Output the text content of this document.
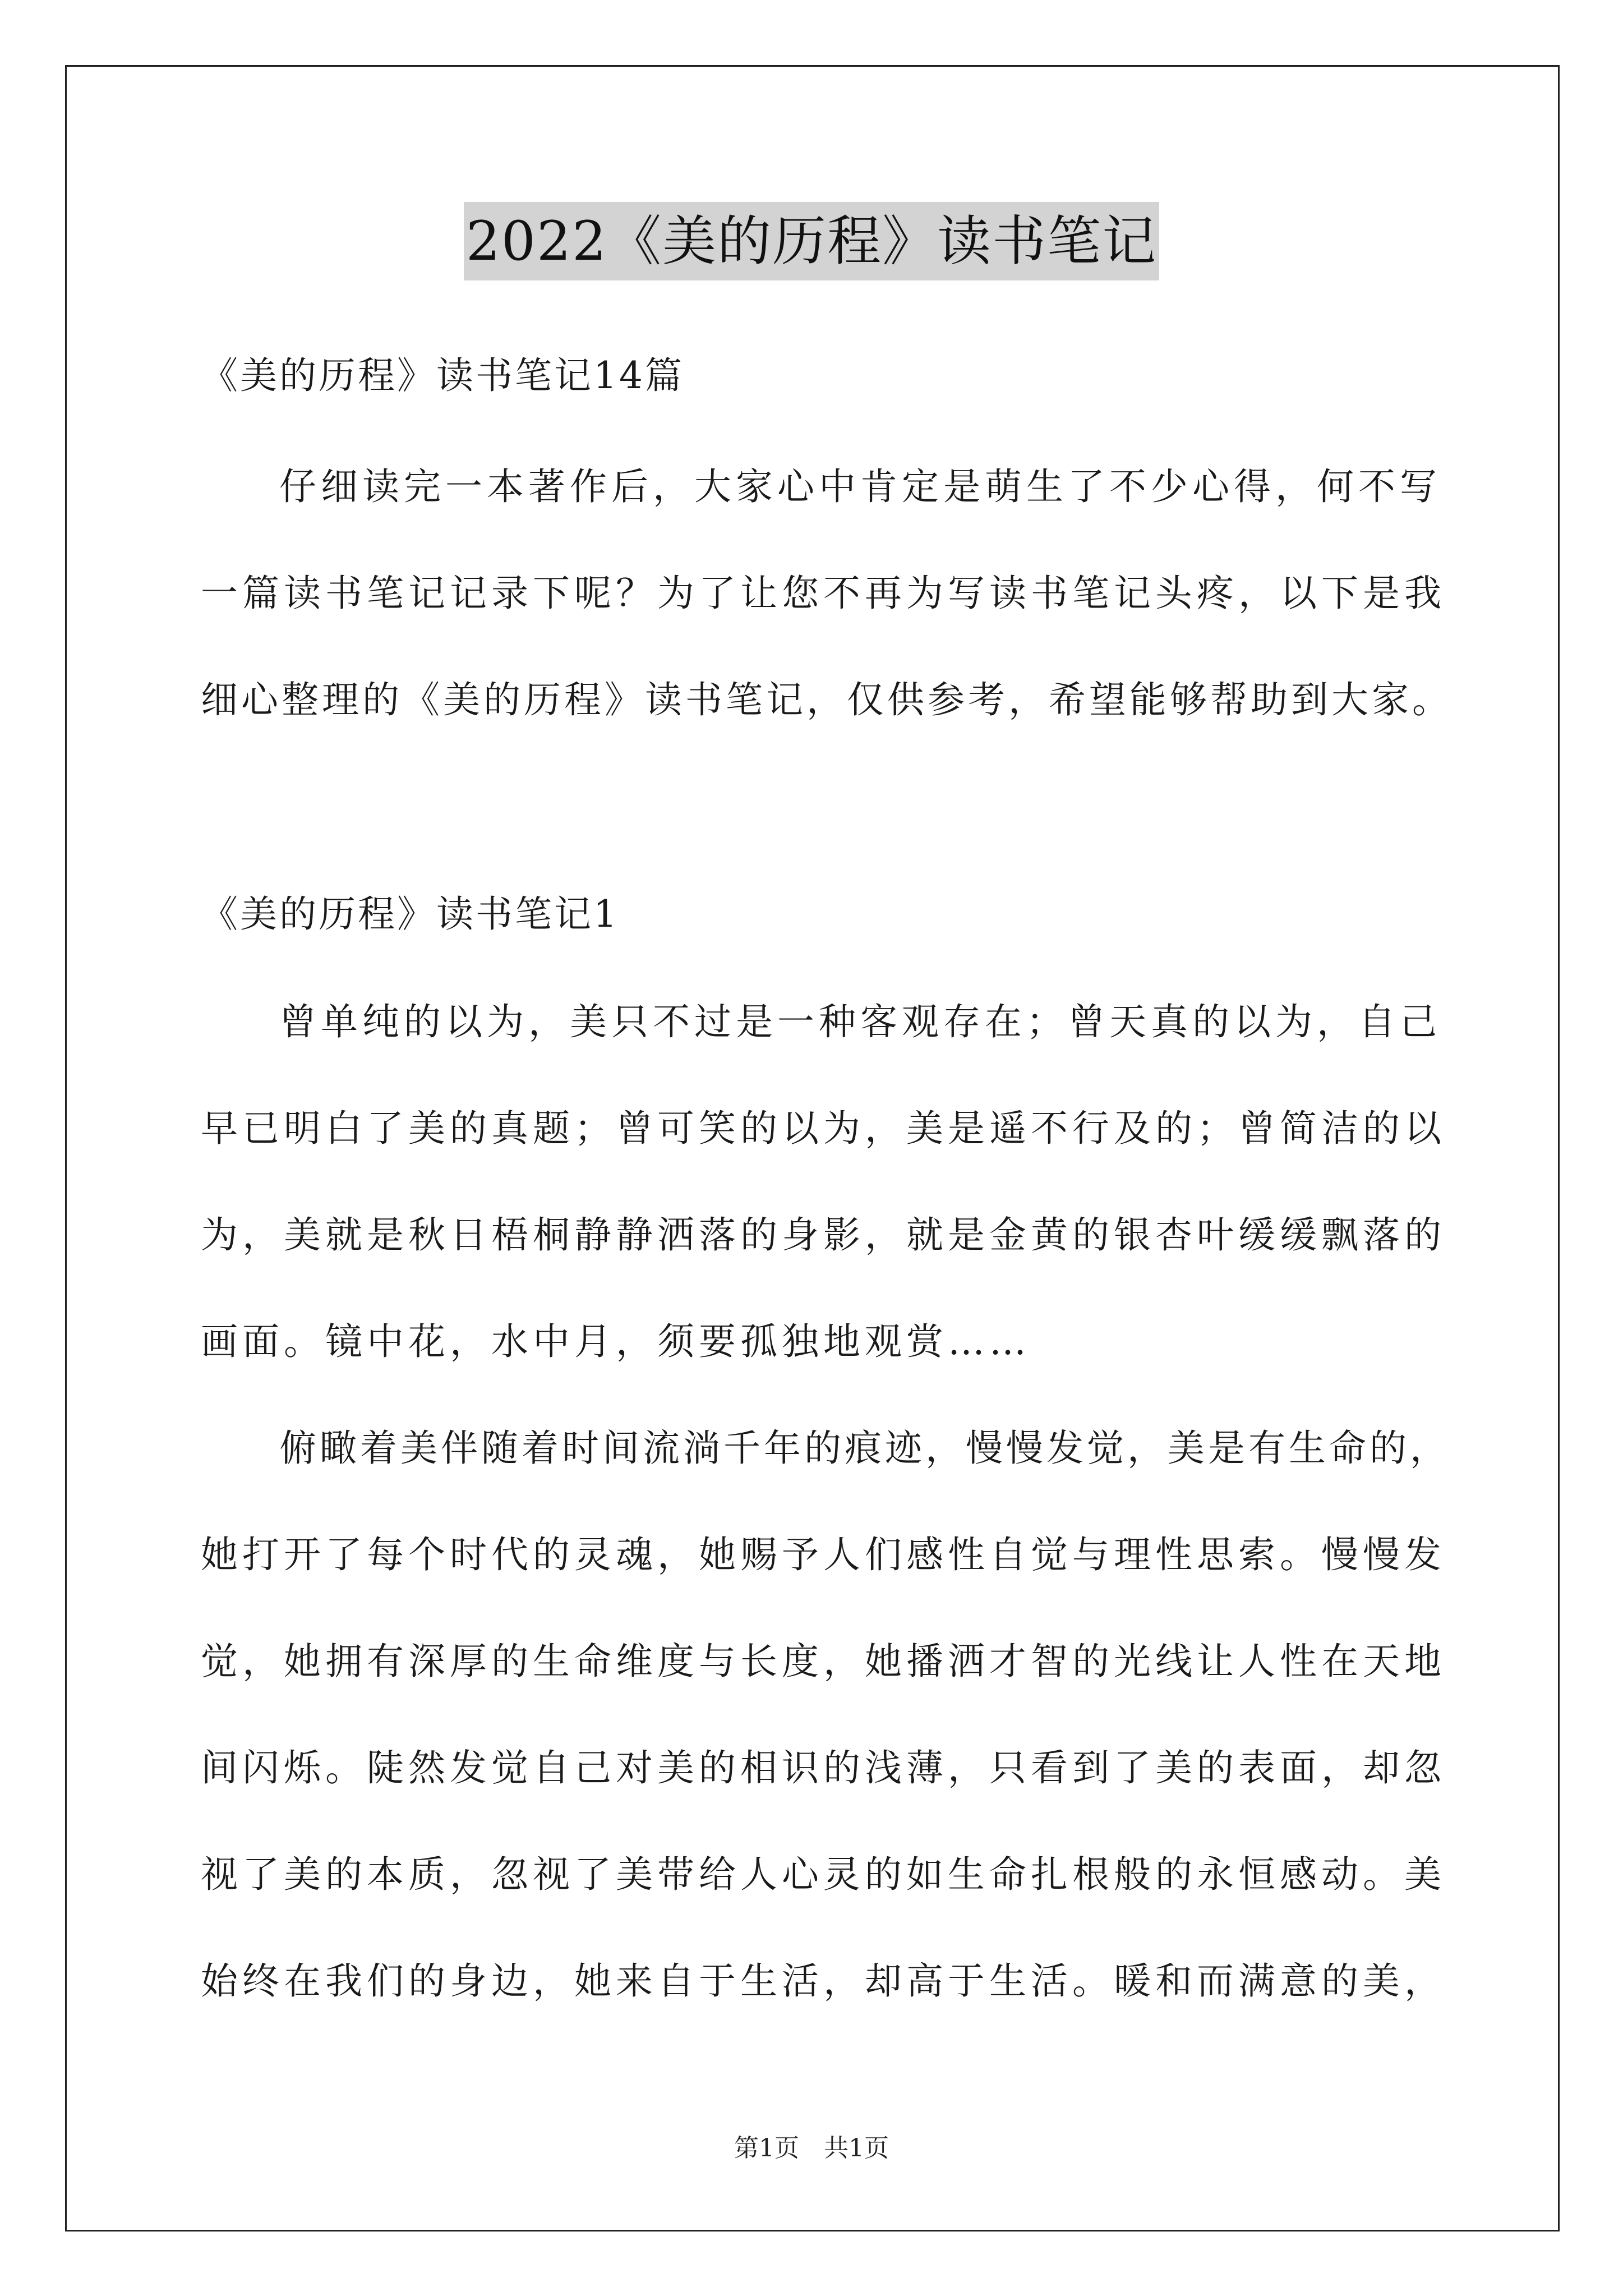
2022《美的历程》读书笔记
《美的历程》读书笔记14篇
仔细读完一本著作后，大家心中肯定是萌生了不少心得，何不写
一篇读书笔记记录下呢？为了让您不再为写读书笔记头疼，以下是我
细心整理的《美的历程》读书笔记，仅供参考，希望能够帮助到大家。
《美的历程》读书笔记1
曾单纯的以为，美只不过是一种客观存在；曾天真的以为，自己
早已明白了美的真题；曾可笑的以为，美是遥不行及的；曾简洁的以
为，美就是秋日梧桐静静洒落的身影，就是金黄的银杏叶缓缓飘落的
画面。镜中花，水中月，须要孤独地观赏……
俯瞰着美伴随着时间流淌千年的痕迹，慢慢发觉，美是有生命的，
她打开了每个时代的灵魂，她赐予人们感性自觉与理性思索。慢慢发
觉，她拥有深厚的生命维度与长度，她播洒才智的光线让人性在天地
间闪烁。陡然发觉自己对美的相识的浅薄，只看到了美的表面，却忽
视了美的本质，忽视了美带给人心灵的如生命扎根般的永恒感动。美
始终在我们的身边，她来自于生活，却高于生活。暖和而满意的美，
第1页　共1页
